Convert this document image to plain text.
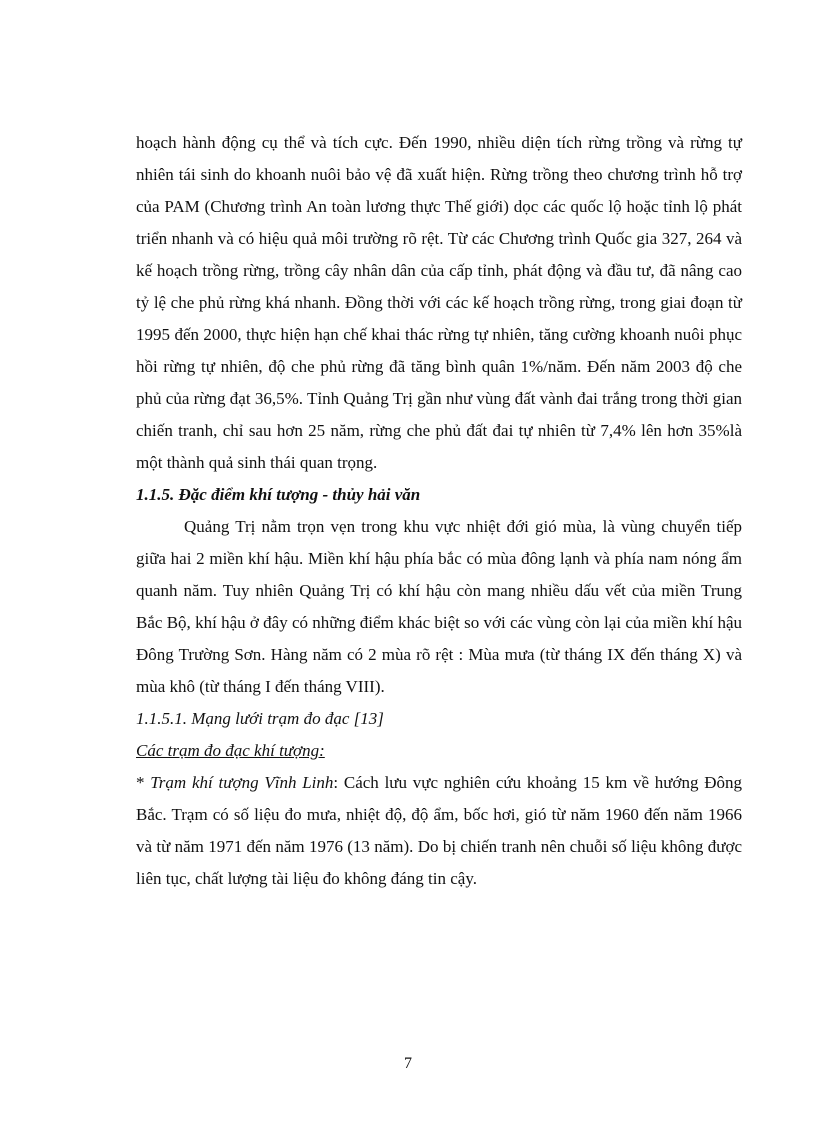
hoạch hành động cụ thể và tích cực. Đến 1990, nhiều diện tích rừng trồng và rừng tự nhiên tái sinh do khoanh nuôi bảo vệ đã xuất hiện. Rừng trồng theo chương trình hỗ trợ của PAM (Chương trình An toàn lương thực Thế giới) dọc các quốc lộ hoặc tỉnh lộ phát triển nhanh và có hiệu quả môi trường rõ rệt. Từ các Chương trình Quốc gia 327, 264 và kế hoạch trồng rừng, trồng cây nhân dân của cấp tỉnh, phát động và đầu tư, đã nâng cao tỷ lệ che phủ rừng khá nhanh. Đồng thời với các kế hoạch trồng rừng, trong giai đoạn từ 1995 đến 2000, thực hiện hạn chế khai thác rừng tự nhiên, tăng cường khoanh nuôi phục hồi rừng tự nhiên, độ che phủ rừng đã tăng bình quân 1%/năm. Đến năm 2003 độ che phủ của rừng đạt 36,5%. Tỉnh Quảng Trị gần như vùng đất vành đai trắng trong thời gian chiến tranh, chỉ sau hơn 25 năm, rừng che phủ đất đai tự nhiên từ 7,4% lên hơn 35%là một thành quả sinh thái quan trọng.

1.1.5. Đặc điểm khí tượng - thủy hải văn

Quảng Trị nằm trọn vẹn trong khu vực nhiệt đới gió mùa, là vùng chuyển tiếp giữa hai 2 miền khí hậu. Miền khí hậu phía bắc có mùa đông lạnh và phía nam nóng ẩm quanh năm. Tuy nhiên Quảng Trị có khí hậu còn mang nhiều dấu vết của miền Trung Bắc Bộ, khí hậu ở đây có những điểm khác biệt so với các vùng còn lại của miền khí hậu Đông Trường Sơn. Hàng năm có 2 mùa rõ rệt : Mùa mưa (từ tháng IX đến tháng X) và mùa khô (từ tháng I đến tháng VIII).

1.1.5.1. Mạng lưới trạm đo đạc [13]

Các trạm đo đạc khí tượng:

* Trạm khí tượng Vĩnh Linh: Cách lưu vực nghiên cứu khoảng 15 km về hướng Đông Bắc. Trạm có số liệu đo mưa, nhiệt độ, độ ẩm, bốc hơi, gió từ năm 1960 đến năm 1966 và từ năm 1971 đến năm 1976 (13 năm). Do bị chiến tranh nên chuỗi số liệu không được liên tục, chất lượng tài liệu đo không đáng tin cậy.

7
